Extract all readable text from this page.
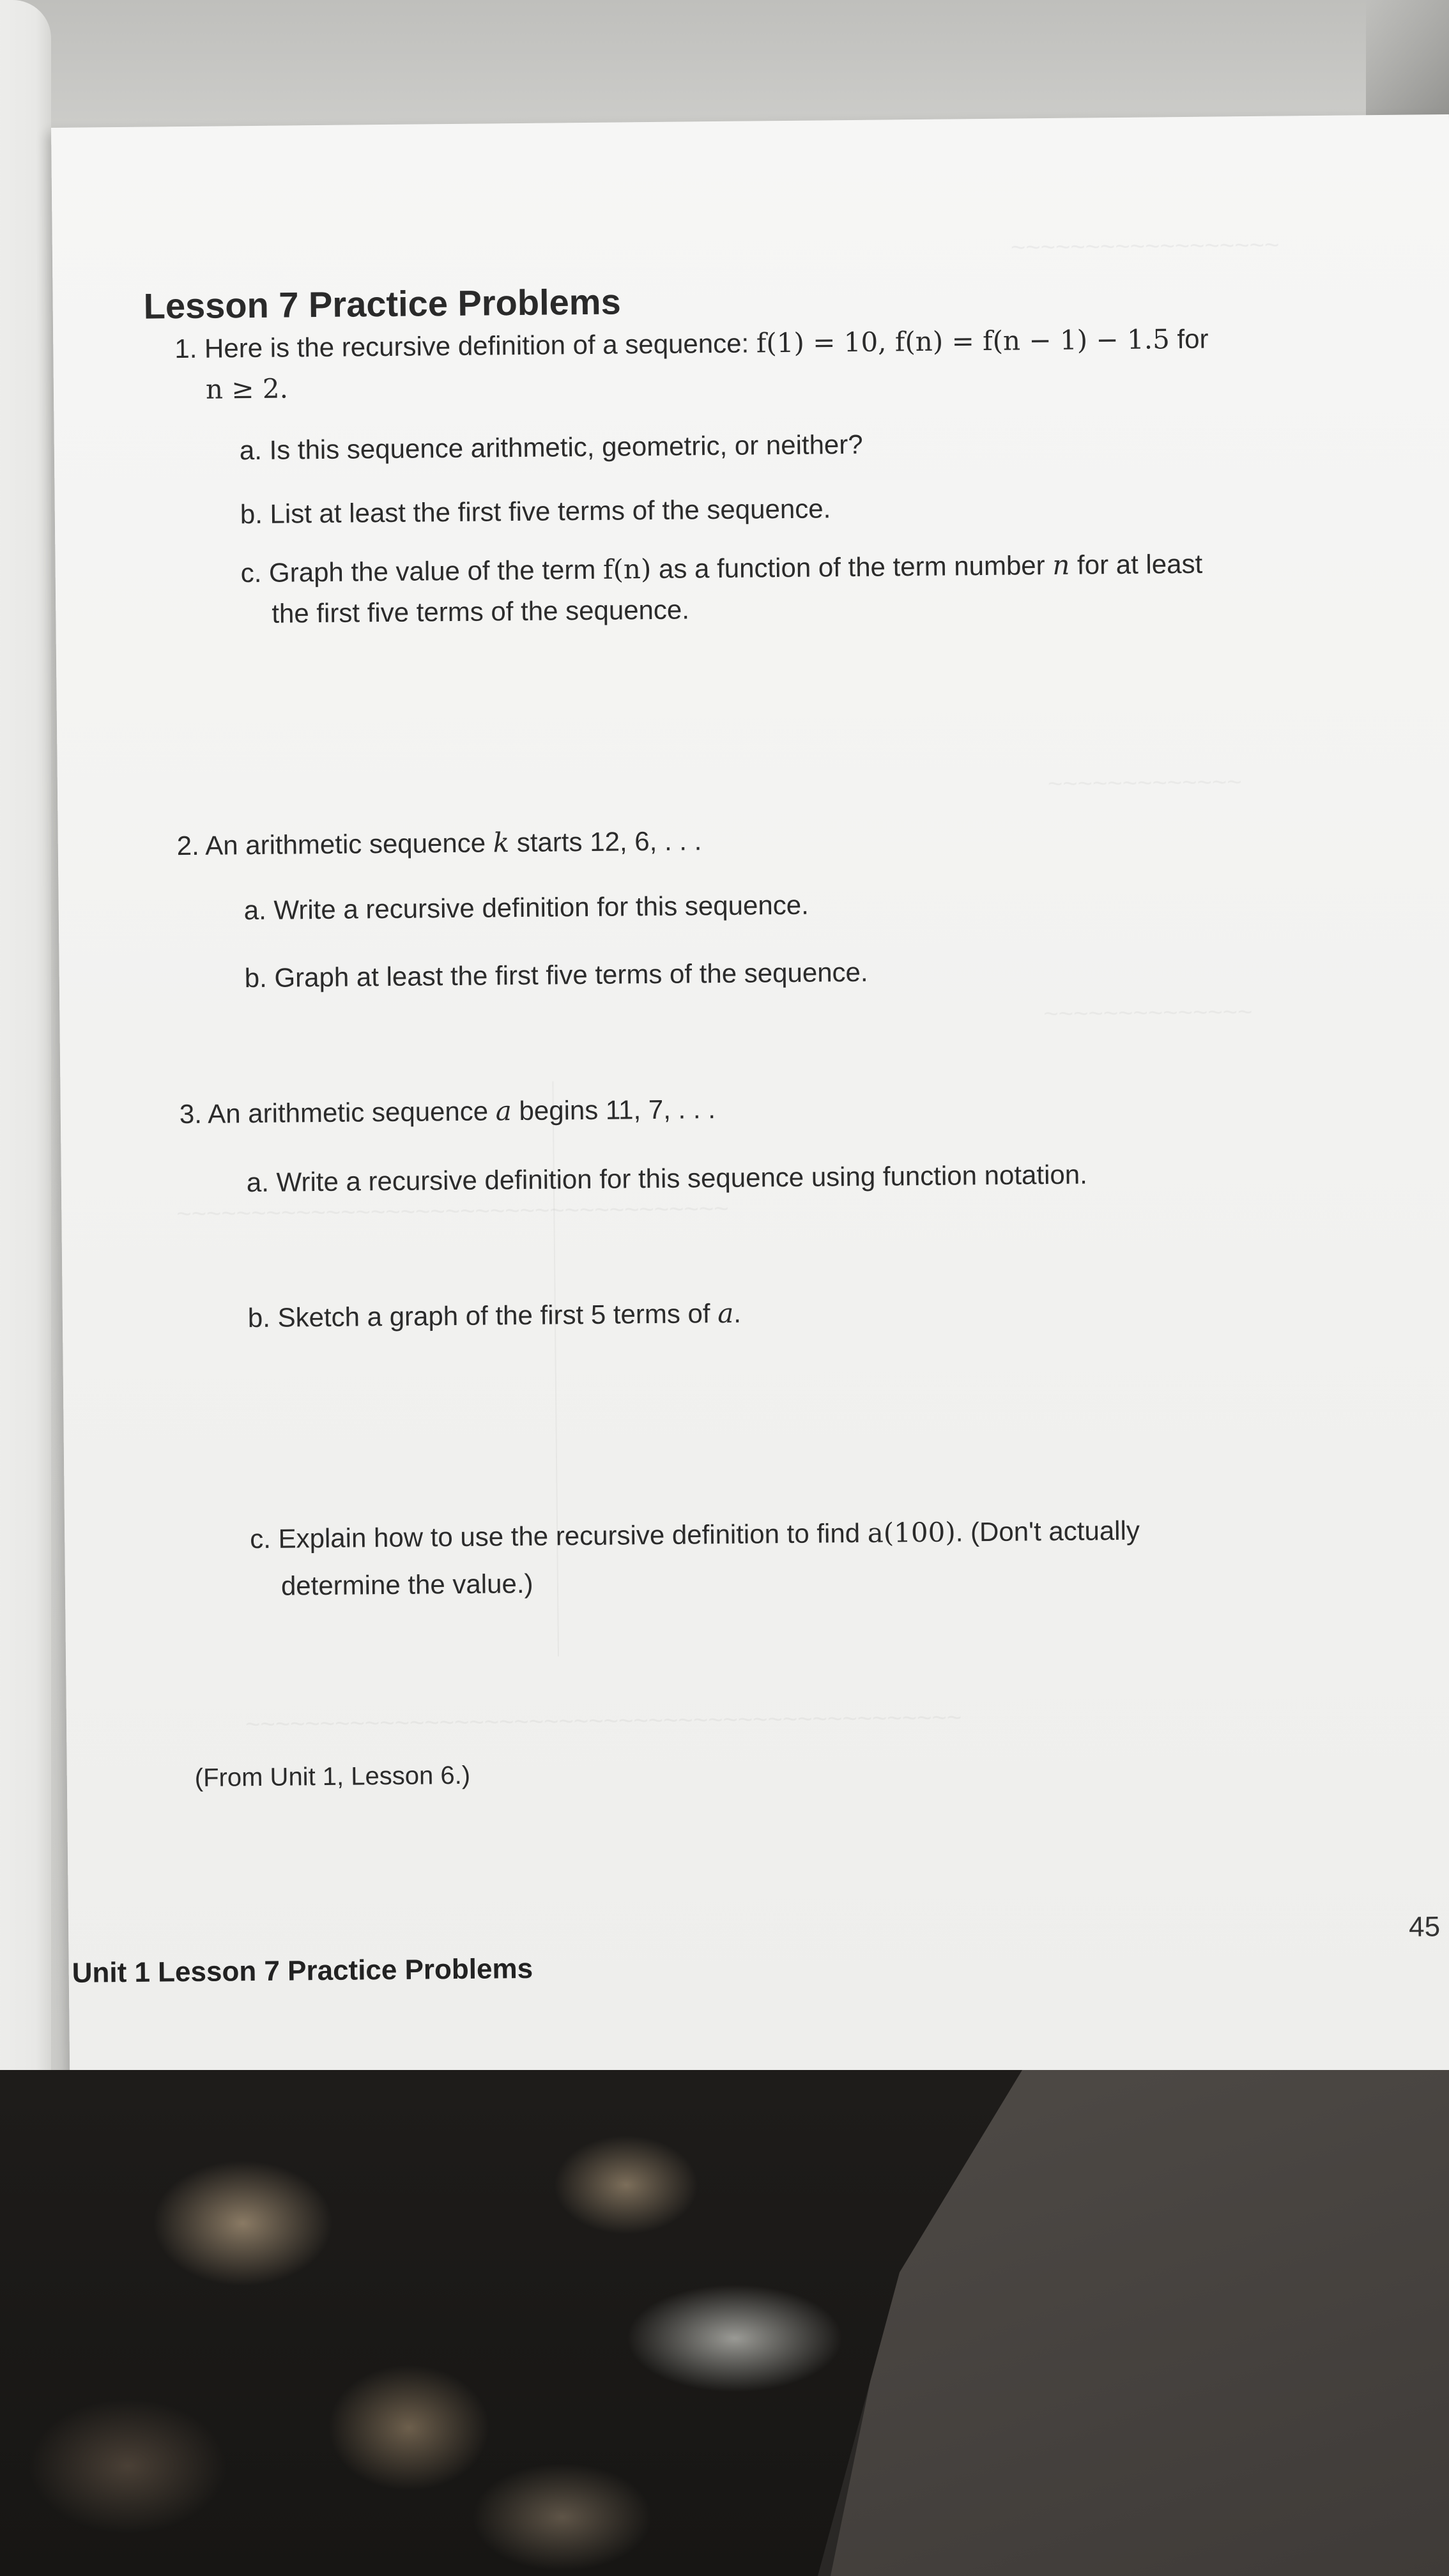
~~~~~~~~~~~~~~~~~~
~~~~~~~~~~~~~
~~~~~~~~~~~~~~
~~~~~~~~~~~~~~~~~~~~~~~~~~~~~~~~~~~~~
~~~~~~~~~~~~~~~~~~~~~~~~~~~~~~~~~~~~~~~~~~~~~~~~
Lesson 7 Practice Problems
1. Here is the recursive definition of a sequence: f(1) = 10, f(n) = f(n − 1) − 1.5 for
n ≥ 2.
a. Is this sequence arithmetic, geometric, or neither?
b. List at least the first five terms of the sequence.
c. Graph the value of the term f(n) as a function of the term number n for at least
the first five terms of the sequence.
2. An arithmetic sequence k starts 12, 6, . . .
a. Write a recursive definition for this sequence.
b. Graph at least the first five terms of the sequence.
3. An arithmetic sequence a begins 11, 7, . . .
a. Write a recursive definition for this sequence using function notation.
b. Sketch a graph of the first 5 terms of a.
c. Explain how to use the recursive definition to find a(100). (Don't actually
determine the value.)
(From Unit 1, Lesson 6.)
45
Unit 1 Lesson 7 Practice Problems
